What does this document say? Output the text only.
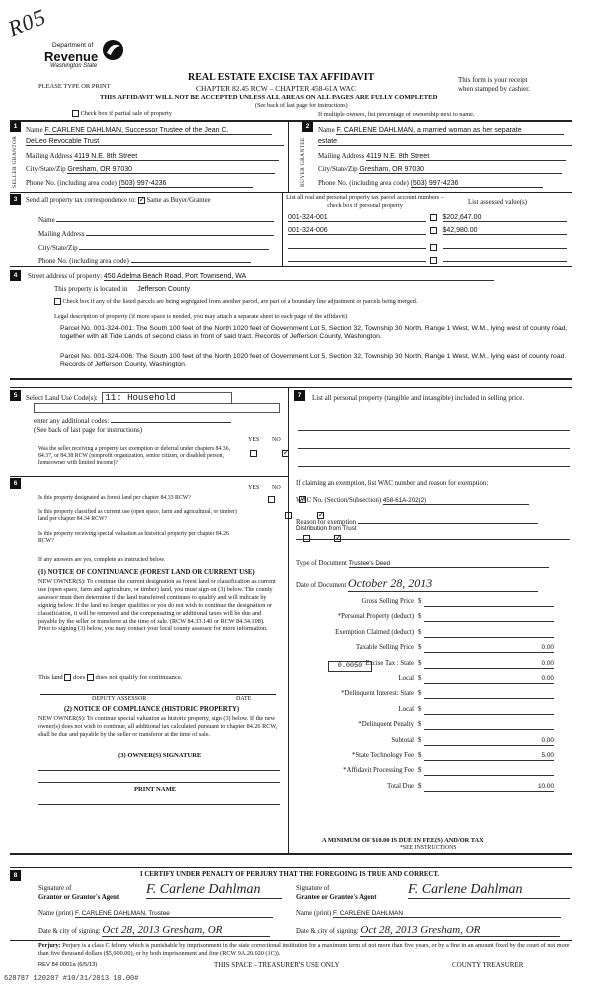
R05
Department of
Revenue
Washington State
PLEASE TYPE OR PRINT
REAL ESTATE EXCISE TAX AFFIDAVIT
CHAPTER 82.45 RCW – CHAPTER 458-61A WAC
This form is your receipt
when stamped by cashier.
THIS AFFIDAVIT WILL NOT BE ACCEPTED UNLESS ALL AREAS ON ALL PAGES ARE FULLY COMPLETED
(See back of last page for instructions)
Check box if partial sale of property	If multiple owners, list percentage of ownership next to name.
1
SELLER GRANTOR
Name F. CARLENE DAHLMAN, Successor Trustee of the Jean C.
DeLeo Revocable Trust
Mailing Address 4119 N.E. 8th Street
City/State/Zip Gresham, OR 97030
Phone No. (including area code) (503) 997-4236
2
BUYER GRANTEE
Name F. CARLENE DAHLMAN, a married woman as her separate
estate
Mailing Address 4119 N.E. 8th Street
City/State/Zip Gresham, OR 97030
Phone No. (including area code) (503) 997-4236
3	Send all property tax correspondence to: ✓ Same as Buyer/Grantee	List all real and personal property tax parcel account numbers – check box if personal property	List assessed value(s)
Name
Mailing Address
City/State/Zip
Phone No. (including area code)
001-324-001	$202,647.00
001-324-006	$42,980.00

4	Street address of property: 450 Adelma Beach Road, Port Townsend, WA
This property is located in Jefferson County
Check box if any of the listed parcels are being segregated from another parcel, are part of a boundary line adjustment or parcels being merged.
Legal description of property (if more space is needed, you may attach a separate sheet to each page of the affidavit)
Parcel No. 001-324-001: The South 100 feet of the North 1020 feet of Government Lot 5, Section 32, Township 30 North, Range 1 West, W.M., lying west of county road, together with all Tide Lands of second class in front of said tract. Records of Jefferson County, Washington.
Parcel No. 001-324-006: The South 100 feet of the North 1020 feet of Government Lot 5, Section 32, Township 30 North, Range 1 West, W.M., lying east of county road. Records of Jefferson County, Washington.
5	Select Land Use Code(s): 11: Household
enter any additional codes:
(See back of last page for instructions)
YES NO
Was the seller receiving a property tax exemption or deferral under chapters 84.36, 84.37, or 84.38 RCW (nonprofit organization, senior citizen, or disabled person, homeowner with limited income)?
✓
6
YES NO
Is this property designated as forest land per chapter 84.33 RCW?
✓
Is this property classified as current use (open space, farm and agricultural, or timber) land per chapter 84.34 RCW?
✓
Is this property receiving special valuation as historical property per chapter 84.26 RCW?
✓
If any answers are yes, complete as instructed below.
(1) NOTICE OF CONTINUANCE (FOREST LAND OR CURRENT USE)
NEW OWNER(S): To continue the current designation as forest land or classification as current use (open space, farm and agriculture, or timber) land, you must sign on (3) below. The county assessor must then determine if the land transferred continues to qualify and will indicate by signing below. If the land no longer qualifies or you do not wish to continue the designation or classification, it will be removed and the compensating or additional taxes will be due and payable by the seller or transferor at the time of sale. (RCW 84.33.140 or RCW 84.34.108). Prior to signing (3) below, you may contact your local county assessor for more information.
This land does does not qualify for continuance.
DEPUTY ASSESSOR	DATE
(2) NOTICE OF COMPLIANCE (HISTORIC PROPERTY)
NEW OWNER(S): To continue special valuation as historic property, sign (3) below. If the new owner(s) does not wish to continue, all additional tax calculated pursuant to chapter 84.26 RCW, shall be due and payable by the seller or transferor at the time of sale.
(3) OWNER(S) SIGNATURE
PRINT NAME
7	List all personal property (tangible and intangible) included in selling price.
If claiming an exemption, list WAC number and reason for exemption:
WAC No. (Section/Subsection) 458-61A-202(2)
Reason for exemption
Distribution from Trust
Type of Document Trustee's Deed
Date of Document October 28, 2013
Gross Selling Price $
*Personal Property (deduct) $
Exemption Claimed (deduct) $
Taxable Selling Price $	0.00
Excise Tax : State $	0.00
Local $	0.00
*Delinquent Interest: State $
Local $
*Delinquent Penalty $
Subtotal $	0.00
*State Technology Fee $	5.00
*Affidavit Processing Fee $
Total Due $	10.00
0.0050
A MINIMUM OF $10.00 IS DUE IN FEE(S) AND/OR TAX
*SEE INSTRUCTIONS
8	I CERTIFY UNDER PENALTY OF PERJURY THAT THE FOREGOING IS TRUE AND CORRECT.
Signature of
Grantor or Grantor's Agent
F. Carlene Dahlman	Signature of
Grantee or Grantee's Agent
F. Carlene Dahlman
Name (print) F. CARLENE DAHLMAN, Trustee	Name (print) F. CARLENE DAHLMAN
Date & city of signing: Oct 28, 2013 Gresham, OR	Date & city of signing: Oct 28, 2013 Gresham, OR
Perjury: Perjury is a class C felony which is punishable by imprisonment in the state correctional institution for a maximum term of not more than five years, or by a fine in an amount fixed by the court of not more than five thousand dollars ($5,000.00), or by both imprisonment and fine (RCW 9A.20.020 (1C)).
REV 84 0001a (6/5/13)	THIS SPACE - TREASURER'S USE ONLY	COUNTY TREASURER
628787 120207 #10/31/2013 10.00#
